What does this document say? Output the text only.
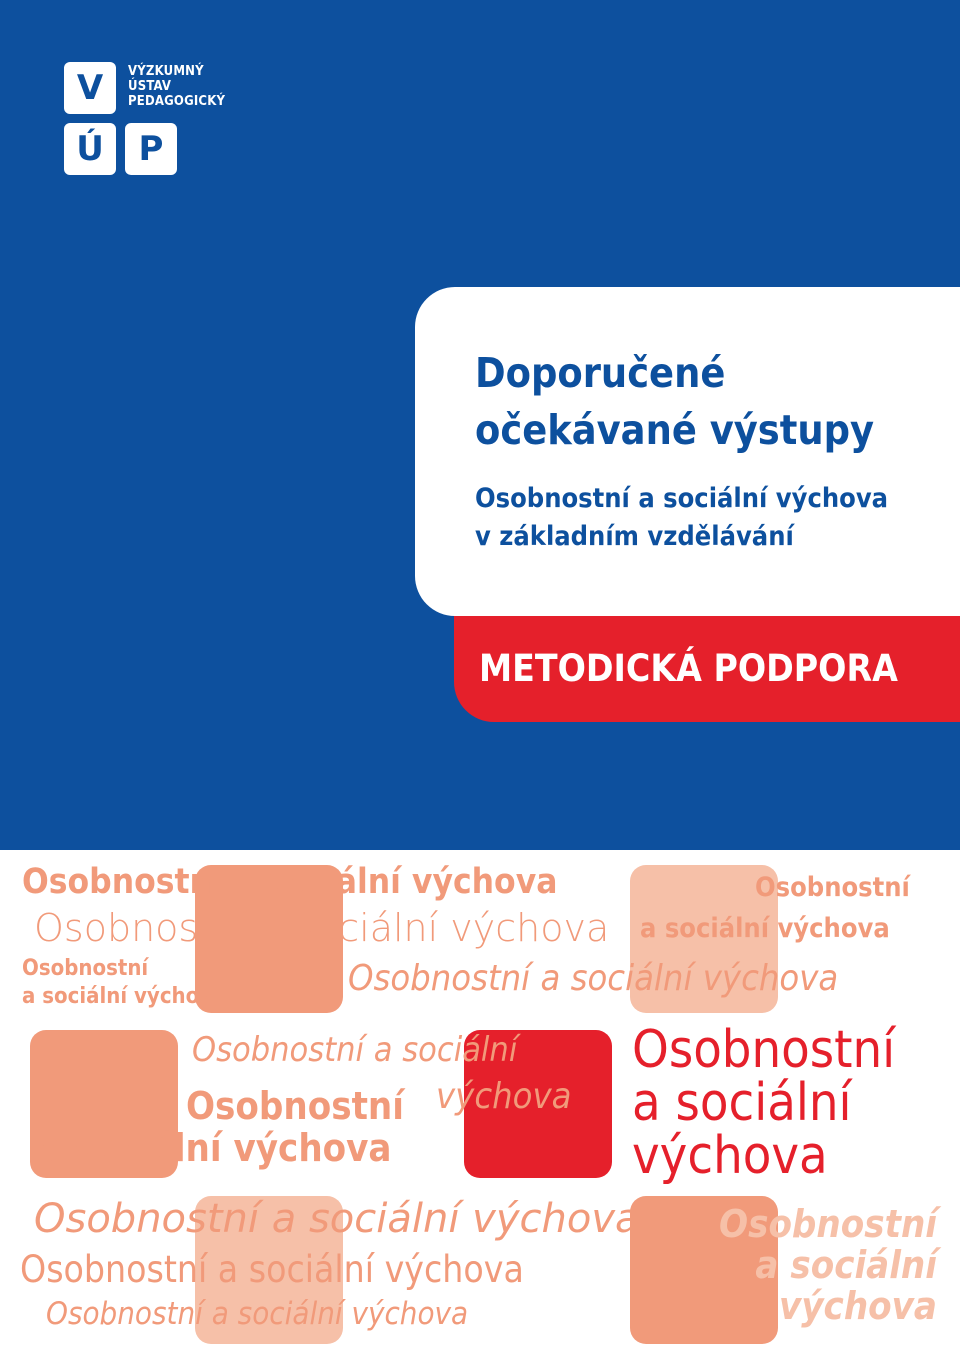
V
Ú	P
VÝZKUMNÝ
ÚSTAV
PEDAGOGICKÝ
Doporučené
očekávané výstupy
Osobnostní a sociální výchova
v základním vzdělávání
METODICKÁ PODPORA
Osobnostní a sociální výchova
Osobnostní a sociální výchova
Osobnostní
a sociální výchova
Osobnostní
a sociální výchova
Osobnostní a sociální výchova
Osobnostní a sociální
výchova
Osobnostní
a sociální výchova
Osobnostní
a sociální
výchova
Osobnostní a sociální výchova
Osobnostní a sociální výchova
Osobnostní a sociální výchova
Osobnostní
a sociální
výchova
